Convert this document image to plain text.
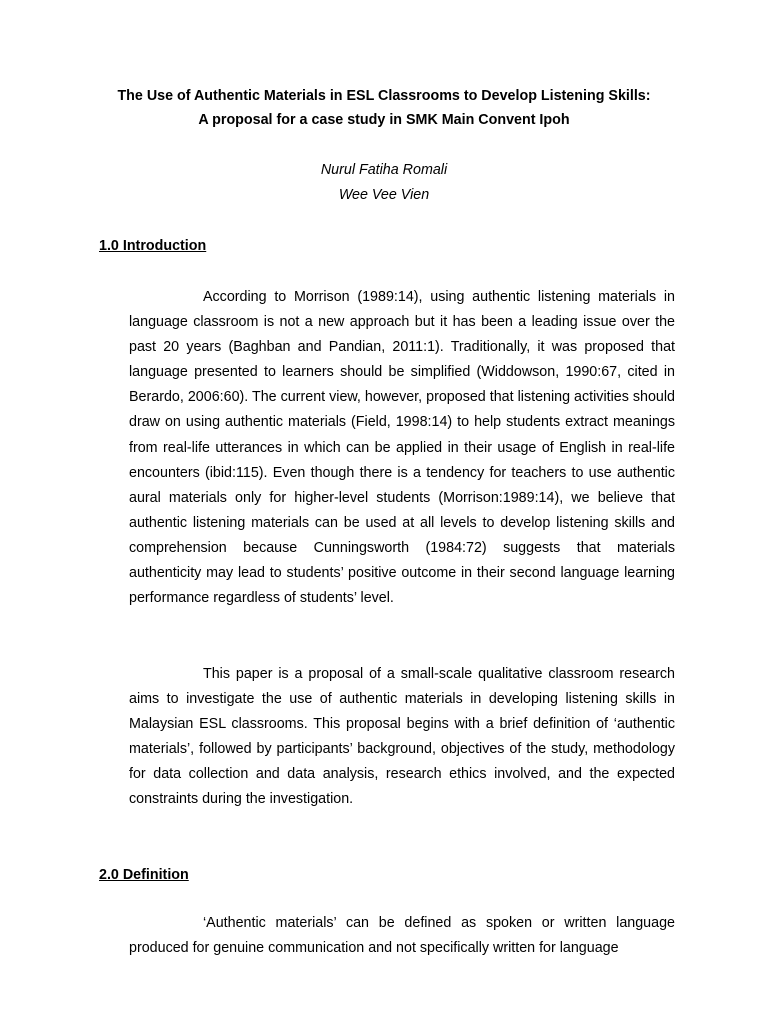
The Use of Authentic Materials in ESL Classrooms to Develop Listening Skills:
A proposal for a case study in SMK Main Convent Ipoh
Nurul Fatiha Romali
Wee Vee Vien
1.0 Introduction

According to Morrison (1989:14), using authentic listening materials in language classroom is not a new approach but it has been a leading issue over the past 20 years (Baghban and Pandian, 2011:1). Traditionally, it was proposed that language presented to learners should be simplified (Widdowson, 1990:67, cited in Berardo, 2006:60). The current view, however, proposed that listening activities should draw on using authentic materials (Field, 1998:14) to help students extract meanings from real-life utterances in which can be applied in their usage of English in real-life encounters (ibid:115). Even though there is a tendency for teachers to use authentic aural materials only for higher-level students (Morrison:1989:14), we believe that authentic listening materials can be used at all levels to develop listening skills and comprehension because Cunningsworth (1984:72) suggests that materials authenticity may lead to students’ positive outcome in their second language learning performance regardless of students’ level.

This paper is a proposal of a small-scale qualitative classroom research aims to investigate the use of authentic materials in developing listening skills in Malaysian ESL classrooms. This proposal begins with a brief definition of ‘authentic materials’, followed by participants’ background, objectives of the study, methodology for data collection and data analysis, research ethics involved, and the expected constraints during the investigation.

2.0 Definition

‘Authentic materials’ can be defined as spoken or written language produced for genuine communication and not specifically written for language
